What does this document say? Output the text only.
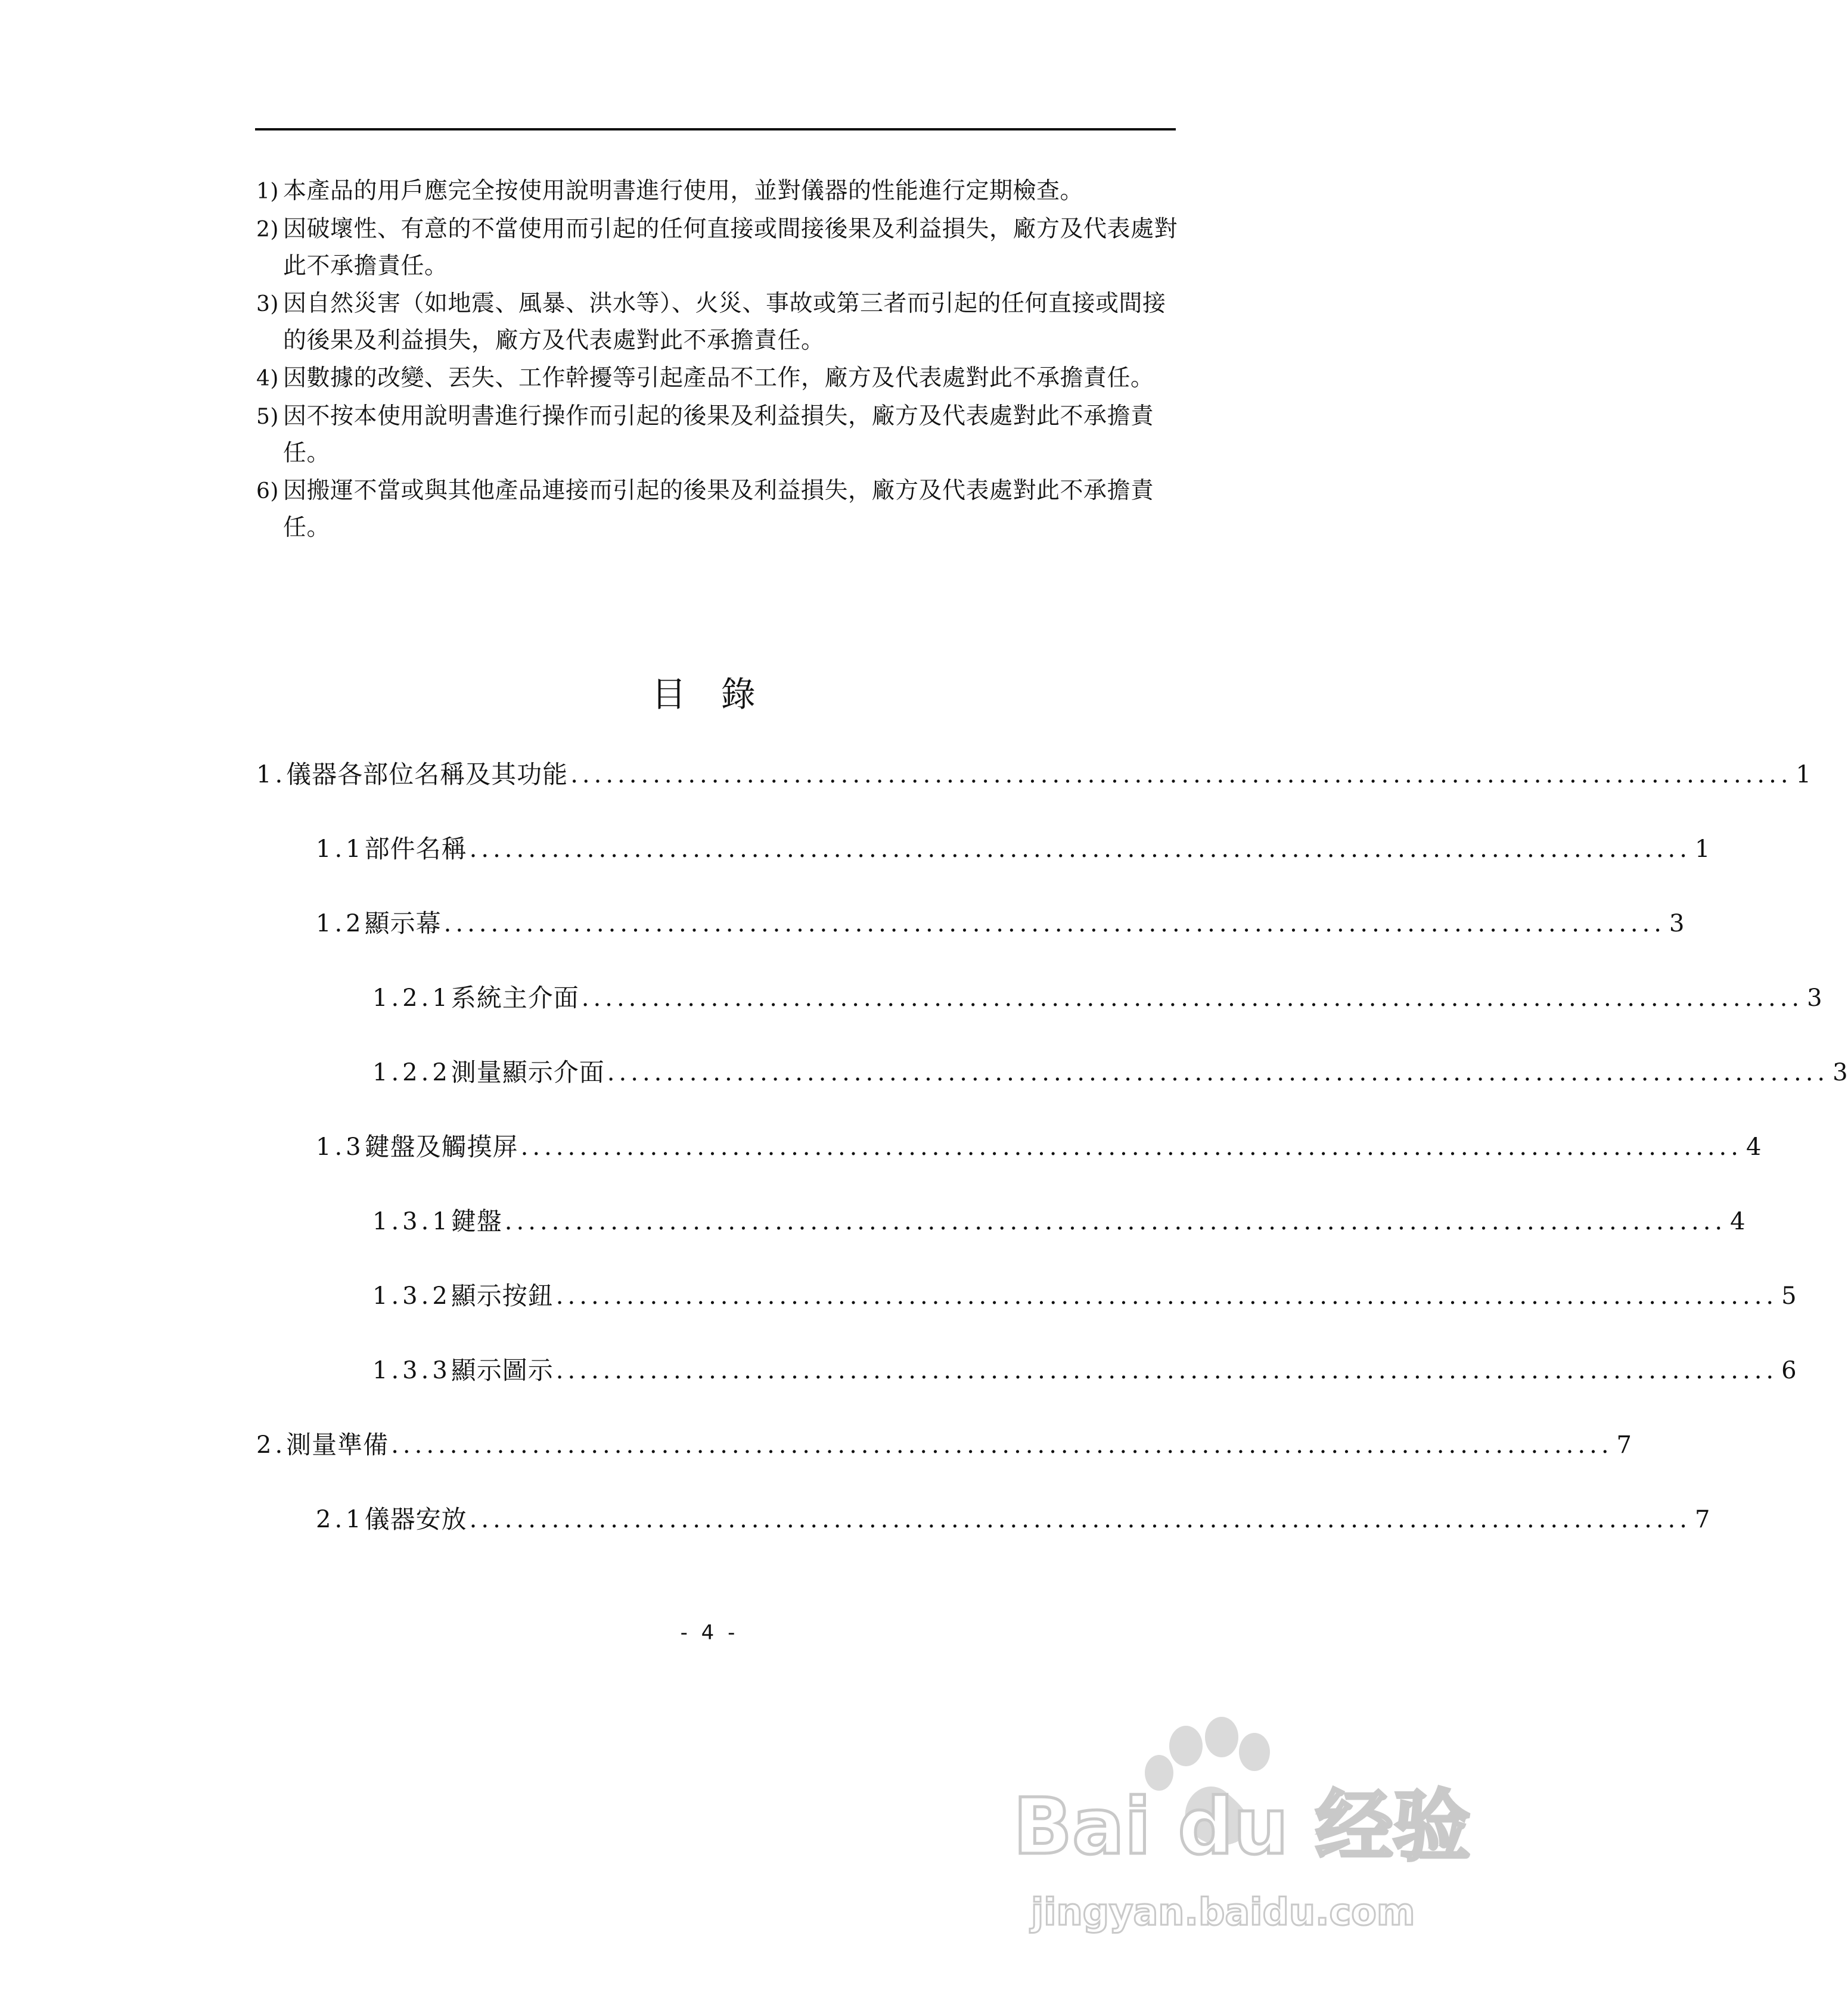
1) 本產品的用戶應完全按使用說明書進行使用，並對儀器的性能進行定期檢查。
2) 因破壞性、有意的不當使用而引起的任何直接或間接後果及利益損失，廠方及代表處對此不承擔責任。
3) 因自然災害（如地震、風暴、洪水等）、火災、事故或第三者而引起的任何直接或間接的後果及利益損失，廠方及代表處對此不承擔責任。
4) 因數據的改變、丟失、工作幹擾等引起產品不工作，廠方及代表處對此不承擔責任。
5) 因不按本使用說明書進行操作而引起的後果及利益損失，廠方及代表處對此不承擔責任。
6) 因搬運不當或與其他產品連接而引起的後果及利益損失，廠方及代表處對此不承擔責任。
目 錄
1. 儀器各部位名稱及其功能 ........................................................................................................ 1
1.1 部件名稱 ........................................................................................................ 1
1.2 顯示幕 ........................................................................................................ 3
1.2.1 系統主介面 ........................................................................................................ 3
1.2.2 測量顯示介面 ........................................................................................................ 3
1.3 鍵盤及觸摸屏 ........................................................................................................ 4
1.3.1 鍵盤 ........................................................................................................ 4
1.3.2 顯示按鈕 ........................................................................................................ 5
1.3.3 顯示圖示 ........................................................................................................ 6
2. 測量準備 ........................................................................................................ 7
2.1 儀器安放 ........................................................................................................ 7
- 4 -
Bai du 经验
jingyan.baidu.com
